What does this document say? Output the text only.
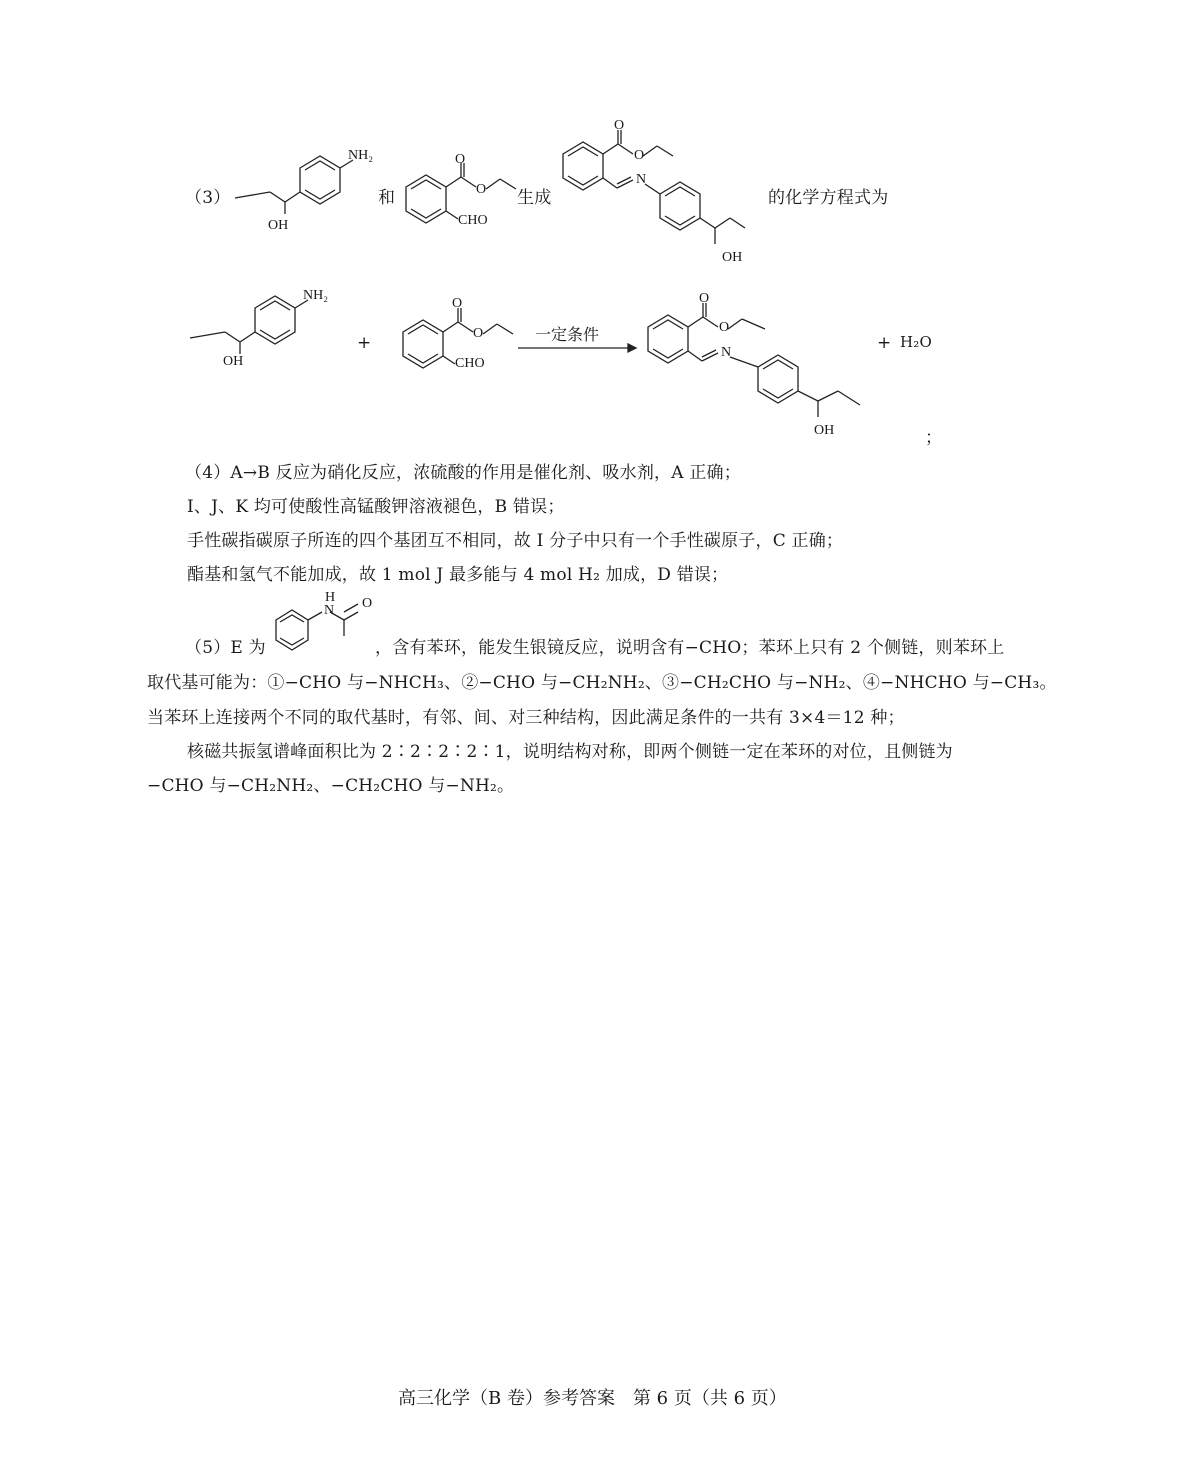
（3）
NH₂
OH
和
O
O
CHO
生成
O
O
N
OH
的化学方程式为
NH₂
OH
+
O
O
CHO
一定条件
O
O
N
OH
+ H₂O
；
（4）A→B 反应为硝化反应，浓硫酸的作用是催化剂、吸水剂，A 正确；
I、J、K 均可使酸性高锰酸钾溶液褪色，B 错误；
手性碳指碳原子所连的四个基团互不相同，故 I 分子中只有一个手性碳原子，C 正确；
酯基和氢气不能加成，故 1 mol J 最多能与 4 mol H₂ 加成，D 错误；
（5）E 为
H
N O
，含有苯环，能发生银镜反应，说明含有−CHO；苯环上只有 2 个侧链，则苯环上
取代基可能为：①−CHO 与−NHCH₃、②−CHO 与−CH₂NH₂、③−CH₂CHO 与−NH₂、④−NHCHO 与−CH₃。
当苯环上连接两个不同的取代基时，有邻、间、对三种结构，因此满足条件的一共有 3×4＝12 种；
核磁共振氢谱峰面积比为 2∶2∶2∶2∶1，说明结构对称，即两个侧链一定在苯环的对位，且侧链为
−CHO 与−CH₂NH₂、−CH₂CHO 与−NH₂。
高三化学（B 卷）参考答案　第 6 页（共 6 页）
